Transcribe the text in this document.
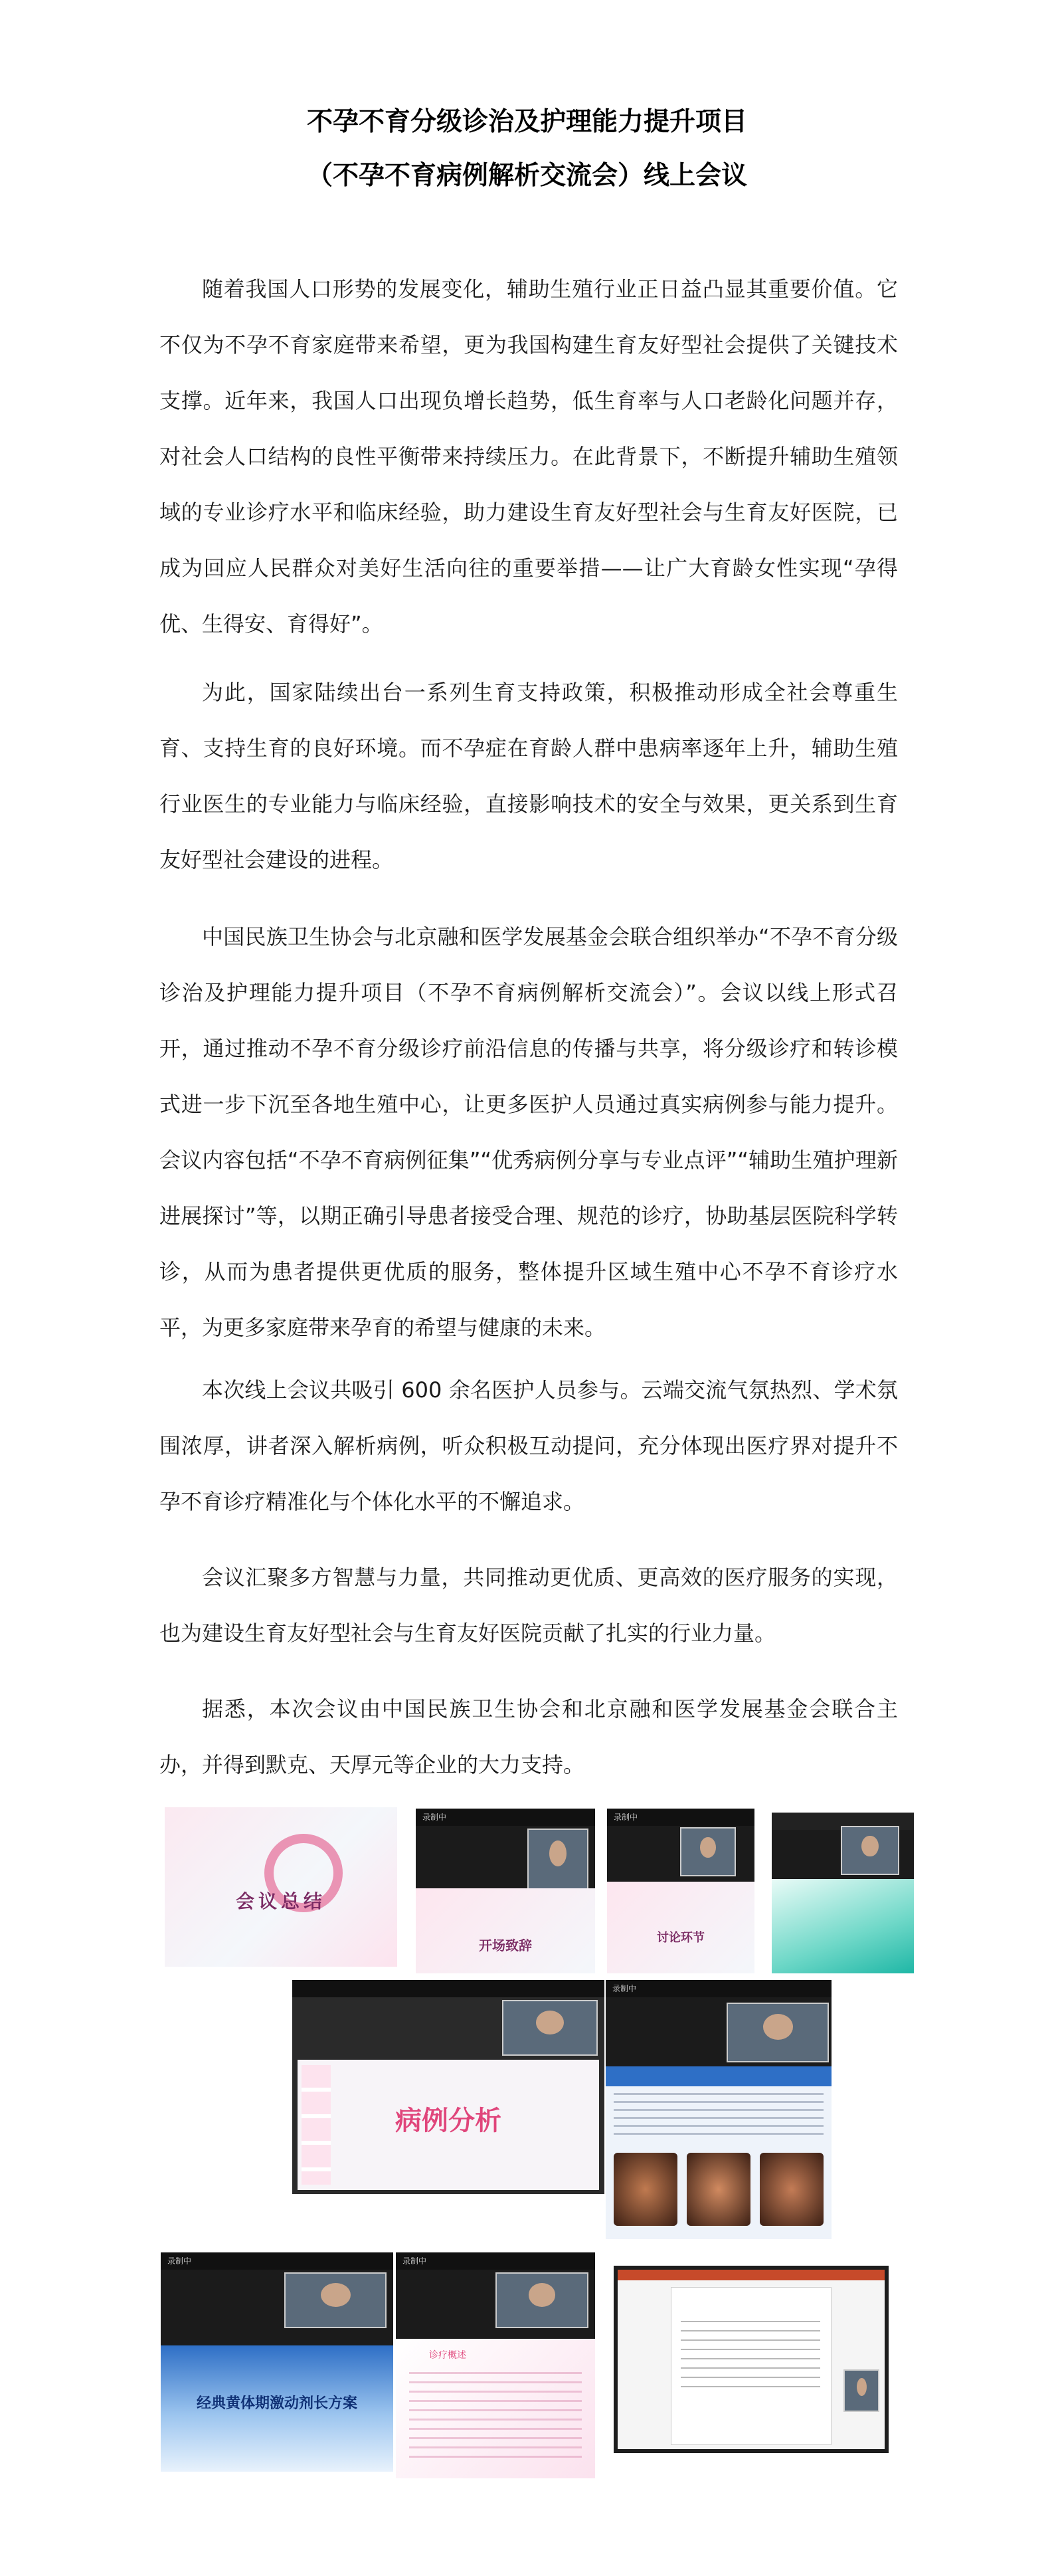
不孕不育分级诊治及护理能力提升项目
（不孕不育病例解析交流会）线上会议

随着我国人口形势的发展变化，辅助生殖行业正日益凸显其重要价值。它不仅为不孕不育家庭带来希望，更为我国构建生育友好型社会提供了关键技术支撑。近年来，我国人口出现负增长趋势，低生育率与人口老龄化问题并存，对社会人口结构的良性平衡带来持续压力。在此背景下，不断提升辅助生殖领域的专业诊疗水平和临床经验，助力建设生育友好型社会与生育友好医院，已成为回应人民群众对美好生活向往的重要举措——让广大育龄女性实现“孕得优、生得安、育得好”。

为此，国家陆续出台一系列生育支持政策，积极推动形成全社会尊重生育、支持生育的良好环境。而不孕症在育龄人群中患病率逐年上升，辅助生殖行业医生的专业能力与临床经验，直接影响技术的安全与效果，更关系到生育友好型社会建设的进程。

中国民族卫生协会与北京融和医学发展基金会联合组织举办“不孕不育分级诊治及护理能力提升项目（不孕不育病例解析交流会）”。会议以线上形式召开，通过推动不孕不育分级诊疗前沿信息的传播与共享，将分级诊疗和转诊模式进一步下沉至各地生殖中心，让更多医护人员通过真实病例参与能力提升。会议内容包括“不孕不育病例征集”“优秀病例分享与专业点评”“辅助生殖护理新进展探讨”等，以期正确引导患者接受合理、规范的诊疗，协助基层医院科学转诊，从而为患者提供更优质的服务，整体提升区域生殖中心不孕不育诊疗水平，为更多家庭带来孕育的希望与健康的未来。

本次线上会议共吸引 600 余名医护人员参与。云端交流气氛热烈、学术氛围浓厚，讲者深入解析病例，听众积极互动提问，充分体现出医疗界对提升不孕不育诊疗精准化与个体化水平的不懈追求。

会议汇聚多方智慧与力量，共同推动更优质、更高效的医疗服务的实现，也为建设生育友好型社会与生育友好医院贡献了扎实的行业力量。

据悉，本次会议由中国民族卫生协会和北京融和医学发展基金会联合主办，并得到默克、天厚元等企业的大力支持。

会议总结
录制中
开场致辞
录制中
讨论环节
病例分析
录制中
录制中
经典黄体期激动剂长方案
录制中
诊疗概述
